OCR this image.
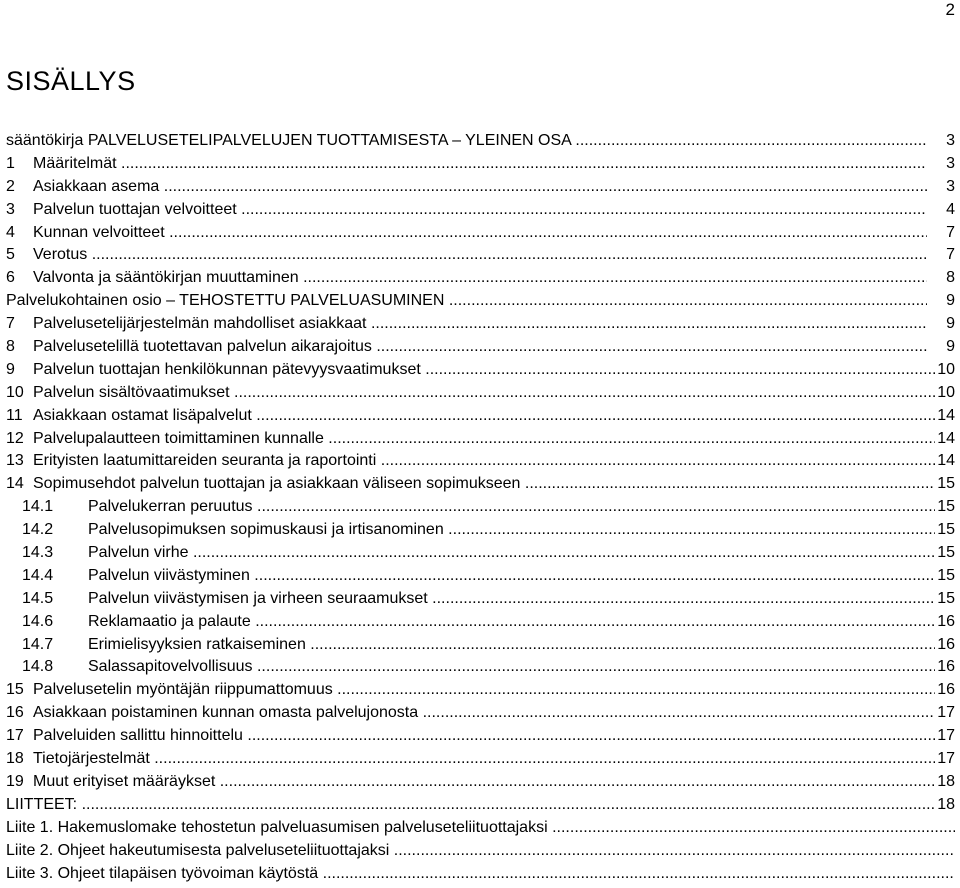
2
SISÄLLYS
sääntökirja PALVELUSETELIPALVELUJEN TUOTTAMISESTA – YLEINEN OSA .....	3
1 Määritelmät .....	3
2 Asiakkaan asema .....	3
3 Palvelun tuottajan velvoitteet .....	4
4 Kunnan velvoitteet .....	7
5 Verotus .....	7
6 Valvonta ja sääntökirjan muuttaminen .....	8
Palvelukohtainen osio – TEHOSTETTU PALVELUASUMINEN .....	9
7 Palvelusetelijärjestelmän mahdolliset asiakkaat .....	9
8 Palvelusetelillä tuotettavan palvelun aikarajoitus .....	9
9 Palvelun tuottajan henkilökunnan pätevyysvaatimukset .....	10
10 Palvelun sisältövaatimukset .....	10
11 Asiakkaan ostamat lisäpalvelut .....	14
12 Palvelupalautteen toimittaminen kunnalle .....	14
13 Erityisten laatumittareiden seuranta ja raportointi .....	14
14 Sopimusehdot palvelun tuottajan ja asiakkaan väliseen sopimukseen .....	15
14.1 Palvelukerran peruutus .....	15
14.2 Palvelusopimuksen sopimuskausi ja irtisanominen .....	15
14.3 Palvelun virhe .....	15
14.4 Palvelun viivästyminen .....	15
14.5 Palvelun viivästymisen ja virheen seuraamukset .....	15
14.6 Reklamaatio ja palaute .....	16
14.7 Erimielisyyksien ratkaiseminen .....	16
14.8 Salassapitovelvollisuus .....	16
15 Palvelusetelin myöntäjän riippumattomuus .....	16
16 Asiakkaan poistaminen kunnan omasta palvelujonosta .....	17
17 Palveluiden sallittu hinnoittelu .....	17
18 Tietojärjestelmät .....	17
19 Muut erityiset määräykset .....	18
LIITTEET: .....	18
Liite 1. Hakemuslomake tehostetun palveluasumisen palveluseteliituottajaksi .....
Liite 2. Ohjeet hakeutumisesta palveluseteliituottajaksi .....
Liite 3. Ohjeet tilapäisen työvoiman käytöstä .....
